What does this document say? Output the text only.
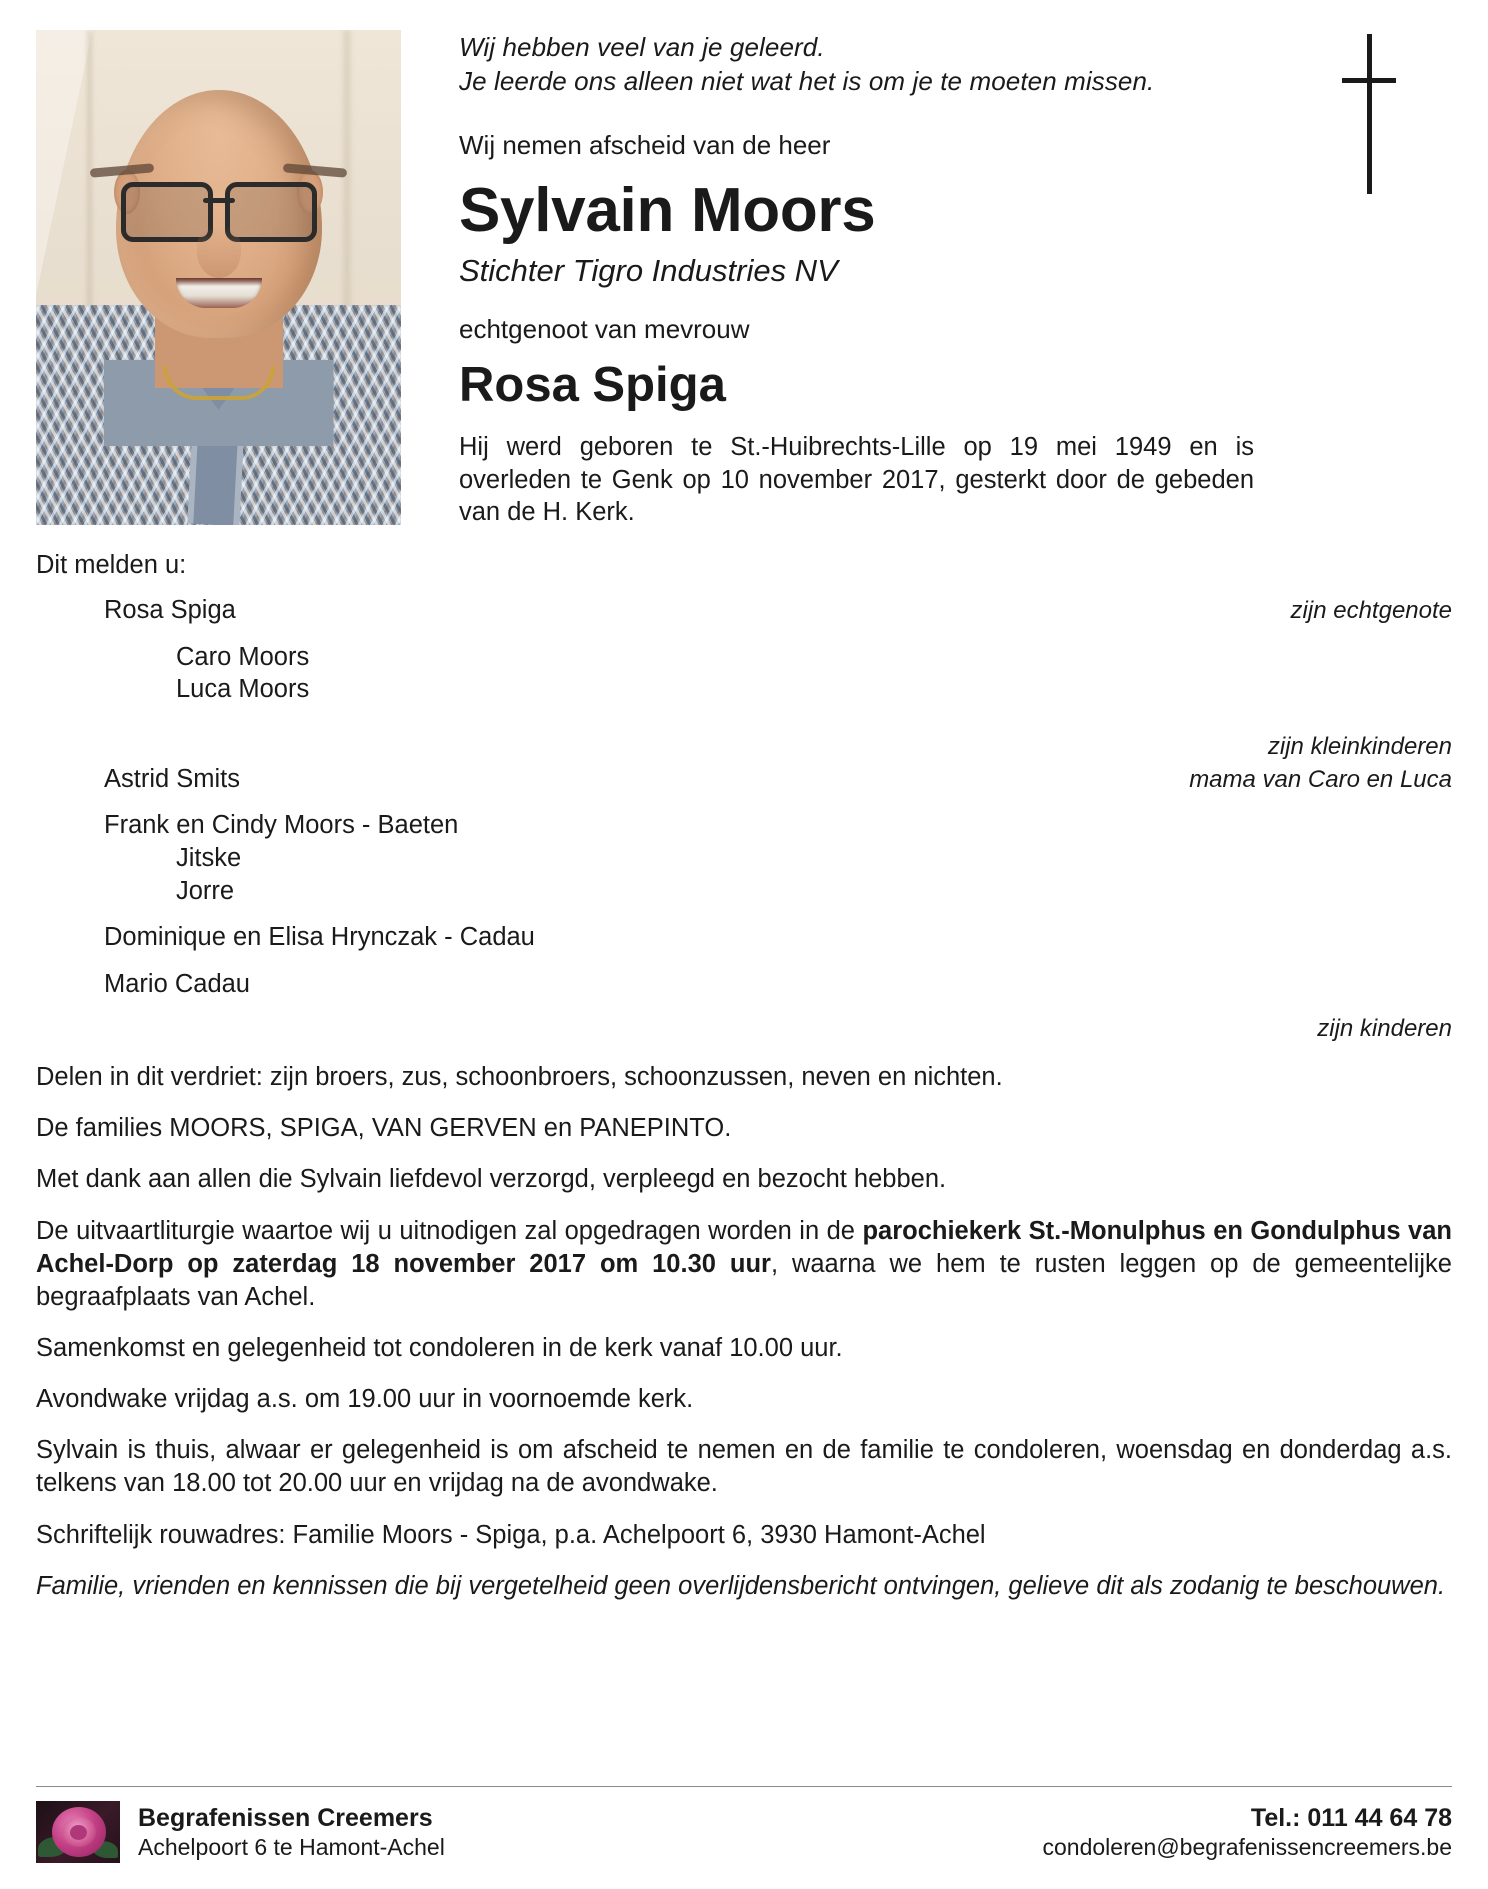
Wij hebben veel van je geleerd.
Je leerde ons alleen niet wat het is om je te moeten missen.
Wij nemen afscheid van de heer
Sylvain Moors
Stichter Tigro Industries NV
echtgenoot van mevrouw
Rosa Spiga
Hij werd geboren te St.-Huibrechts-Lille op 19 mei 1949 en is overleden te Genk op 10 november 2017, gesterkt door de gebeden van de H. Kerk.
Dit melden u:
Rosa Spiga	zijn echtgenote
Caro Moors
Luca Moors
zijn kleinkinderen
Astrid Smits	mama van Caro en Luca
Frank en Cindy Moors - Baeten
Jitske
Jorre
Dominique en Elisa Hrynczak - Cadau
Mario Cadau
zijn kinderen
Delen in dit verdriet: zijn broers, zus, schoonbroers, schoonzussen, neven en nichten.
De families MOORS, SPIGA, VAN GERVEN en PANEPINTO.
Met dank aan allen die Sylvain liefdevol verzorgd, verpleegd en bezocht hebben.
De uitvaartliturgie waartoe wij u uitnodigen zal opgedragen worden in de parochiekerk St.-Monulphus en Gondulphus van Achel-Dorp op zaterdag 18 november 2017 om 10.30 uur, waarna we hem te rusten leggen op de gemeentelijke begraafplaats van Achel.
Samenkomst en gelegenheid tot condoleren in de kerk vanaf 10.00 uur.
Avondwake vrijdag a.s. om 19.00 uur in voornoemde kerk.
Sylvain is thuis, alwaar er gelegenheid is om afscheid te nemen en de familie te condoleren, woensdag en donderdag a.s. telkens van 18.00 tot 20.00 uur en vrijdag na de avondwake.
Schriftelijk rouwadres: Familie Moors - Spiga, p.a. Achelpoort 6, 3930 Hamont-Achel
Familie, vrienden en kennissen die bij vergetelheid geen overlijdensbericht ontvingen, gelieve dit als zodanig te beschouwen.
Begrafenissen Creemers
Achelpoort 6 te Hamont-Achel
Tel.: 011 44 64 78
condoleren@begrafenissencreemers.be
